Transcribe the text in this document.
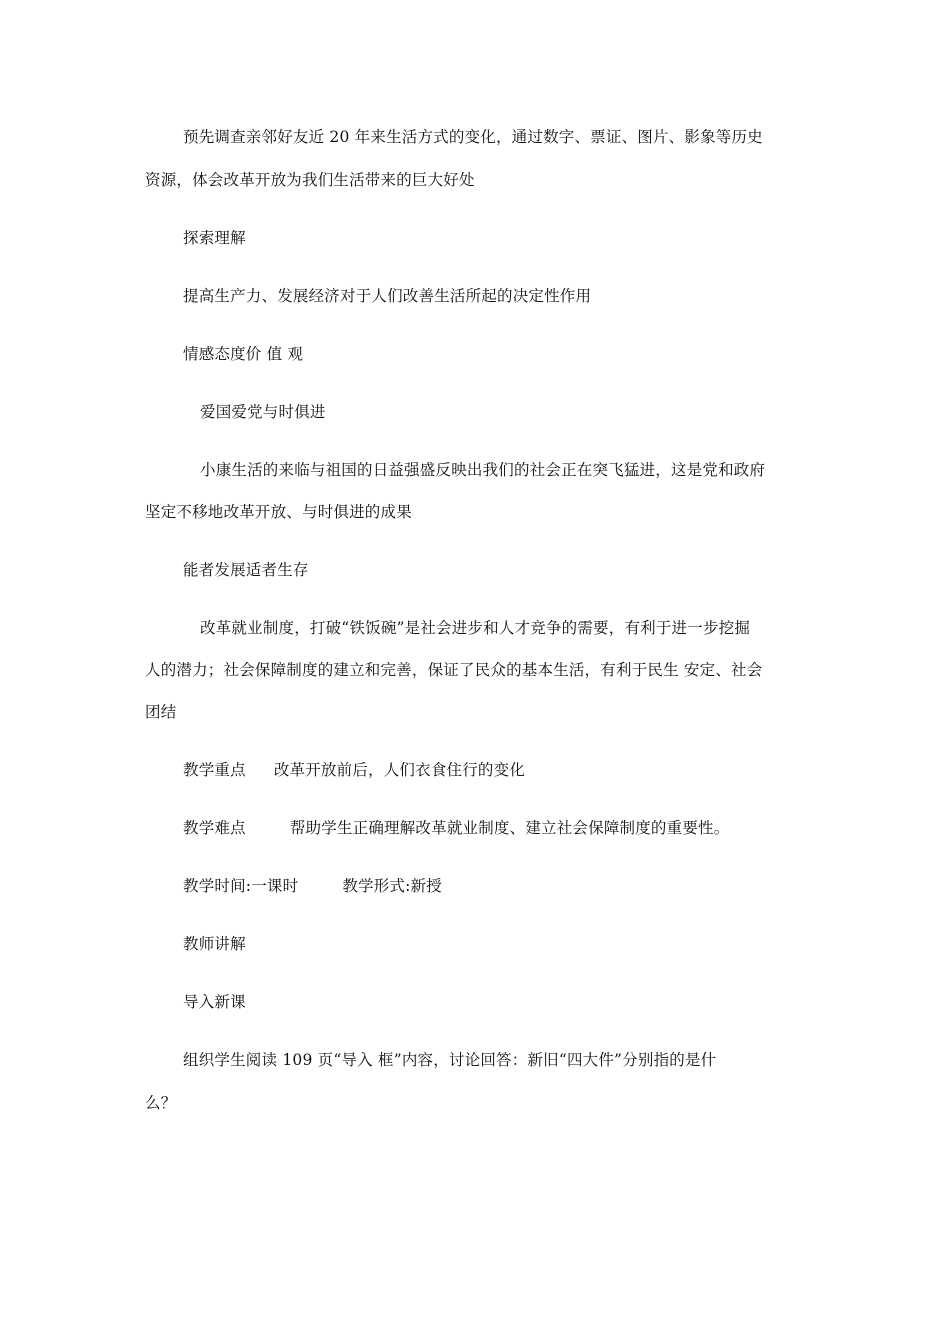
预先调查亲邻好友近 20 年来生活方式的变化，通过数字、票证、图片、影象等历史
资源，体会改革开放为我们生活带来的巨大好处
探索理解
提高生产力、发展经济对于人们改善生活所起的决定性作用
情感态度价 值 观
爱国爱党与时俱进
小康生活的来临与祖国的日益强盛反映出我们的社会正在突飞猛进，这是党和政府
坚定不移地改革开放、与时俱进的成果
能者发展适者生存
改革就业制度，打破“铁饭碗”是社会进步和人才竞争的需要，有利于进一步挖掘
人的潜力；社会保障制度的建立和完善，保证了民众的基本生活，有利于民生 安定、社会
团结
教学重点 改革开放前后，人们衣食住行的变化
教学难点	帮助学生正确理解改革就业制度、建立社会保障制度的重要性。
教学时间:一课时	教学形式:新授
教师讲解
导入新课
组织学生阅读 109 页“导入 框”内容，讨论回答：新旧“四大件”分别指的是什
么？
